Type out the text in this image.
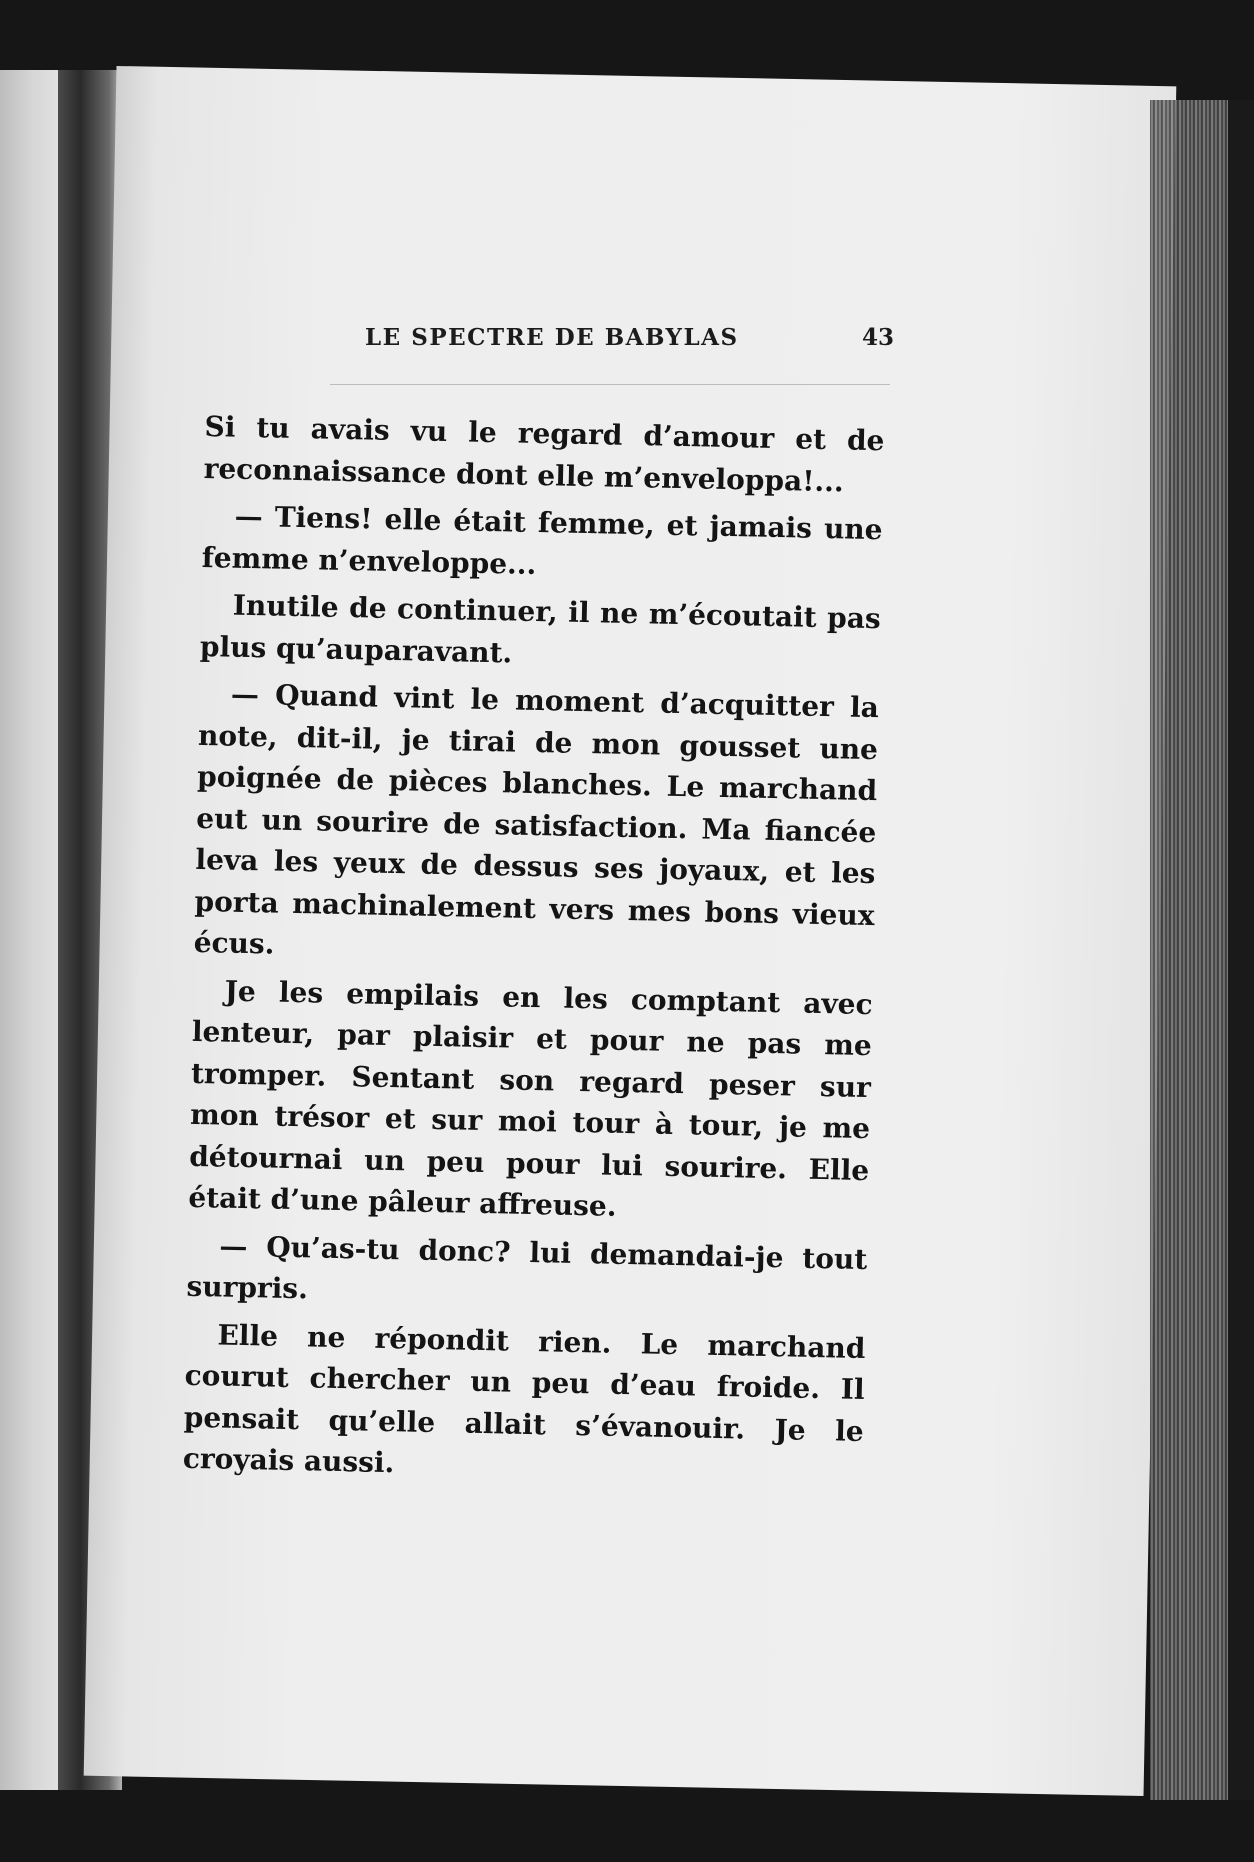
LE SPECTRE DE BABYLAS	43

Si tu avais vu le regard d’amour et de reconnaissance dont elle m’enveloppa!...

— Tiens! elle était femme, et jamais une femme n’enveloppe...

Inutile de continuer, il ne m’écoutait pas plus qu’auparavant.

— Quand vint le moment d’acquitter la note, dit-il, je tirai de mon gousset une poignée de pièces blanches. Le marchand eut un sourire de satisfaction. Ma fiancée leva les yeux de dessus ses joyaux, et les porta machinalement vers mes bons vieux écus.

Je les empilais en les comptant avec lenteur, par plaisir et pour ne pas me tromper. Sentant son regard peser sur mon trésor et sur moi tour à tour, je me détournai un peu pour lui sourire. Elle était d’une pâleur affreuse.

— Qu’as-tu donc? lui demandai-je tout surpris.

Elle ne répondit rien. Le marchand courut chercher un peu d’eau froide. Il pensait qu’elle allait s’évanouir. Je le croyais aussi.
